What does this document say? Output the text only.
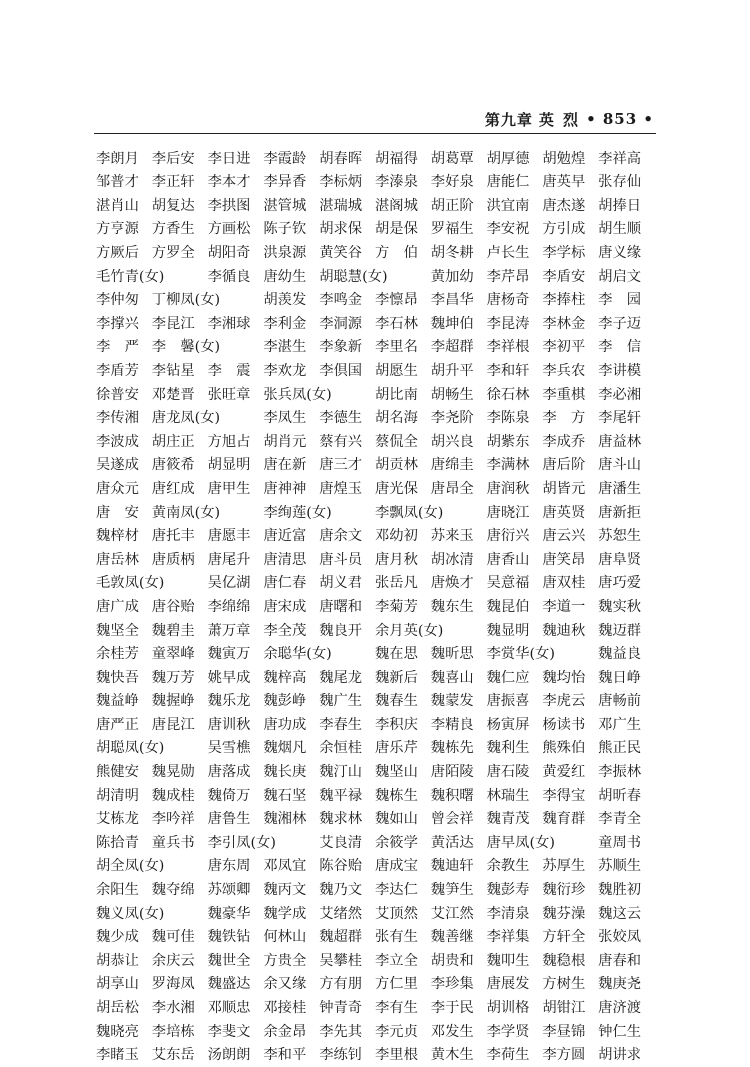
第九章 英 烈 • 853 •
李朗月 李后安 李日进 李霞龄 胡春晖 胡福得 胡葛覃 胡厚德 胡勉煌 李祥高
邹普才 李正轩 李本才 李异香 李标炳 李溙泉 李好泉 唐能仁 唐英早 张存仙
湛肖山 胡复达 李拱图 湛管城 湛瑞城 湛阁城 胡正阶 洪宜南 唐杰遂 胡捧日
方亨源 方香生 方画松 陈子钦 胡求保 胡是保 罗福生 李安祝 方引成 胡生顺
方厥后 方罗全 胡阳奇 洪泉源 黄笑谷 方　伯 胡冬耕 卢长生 李学标 唐义缘
毛竹青(女)	李循良 唐幼生 胡聪慧(女)	黄加幼 李芹昂 李盾安 胡启文
李仲匆 丁柳凤(女)	胡羡发 李鸣金 李懔昂 李昌华 唐杨奇 李捧柱 李　园
李撑兴 李昆江 李湘球 李利金 李洞源 李石林 魏坤伯 李昆涛 李林金 李子迈
李　严 李　馨(女)	李湛生 李象新 李里名 李超群 李祥根 李初平 李　信
李盾芳 李钻星 李　震 李欢龙 李倶国 胡愿生 胡升平 李和轩 李兵农 李讲模
徐普安 邓楚晋 张旺章 张兵凤(女)	胡比南 胡畅生 徐石林 李重棋 李必湘
李传湘 唐龙凤(女)	李凤生 李德生 胡名海 李尧阶 李陈泉 李　方 李尾轩
李波成 胡庄正 方旭占 胡肖元 蔡有兴 蔡侃全 胡兴良 胡紫东 李成乔 唐益林
吴遂成 唐筱希 胡显明 唐在新 唐三才 胡贡林 唐绵圭 李满林 唐后阶 唐斗山
唐众元 唐红成 唐甲生 唐神神 唐煌玉 唐光保 唐昂全 唐润秋 胡皆元 唐潘生
唐　安 黄南凤(女)	李绚莲(女)	李飘凤(女)	唐晓江 唐英贤 唐新拒
魏梓材 唐托丰 唐愿丰 唐近富 唐余文 邓幼初 苏来玉 唐衍兴 唐云兴 苏恕生
唐岳林 唐质柄 唐尾升 唐清思 唐斗员 唐月秋 胡冰清 唐香山 唐笑昂 唐阜贤
毛敦凤(女)	吴亿湖 唐仁春 胡义君 张岳凡 唐焕才 吴意福 唐双桂 唐巧爱
唐广成 唐谷贻 李绵绵 唐宋成 唐曙和 李菊芳 魏东生 魏昆伯 李道一 魏实秋
魏坚全 魏碧圭 萧万章 李全茂 魏良开 余月英(女)	魏显明 魏迪秋 魏迈群
余桂芳 童翠峰 魏寅万 余聪华(女)	魏在思 魏昕思 李赏华(女)	魏益良
魏快吾 魏万芳 姚早成 魏梓高 魏尾龙 魏新后 魏喜山 魏仁应 魏均怡 魏日峥
魏益峥 魏握峥 魏乐龙 魏彭峥 魏广生 魏春生 魏蒙发 唐振喜 李虎云 唐畅前
唐严正 唐昆江 唐训秋 唐功成 李春生 李积庆 李精良 杨寅屏 杨读书 邓广生
胡聪凤(女)	吴雪樵 魏烟凡 余恒桂 唐乐芹 魏栋先 魏利生 熊殊伯 熊正民
熊健安 魏晃勋 唐落成 魏长庚 魏汀山 魏坚山 唐陌陵 唐石陵 黄爱红 李振林
胡清明 魏成桂 魏倚万 魏石坚 魏平禄 魏栋生 魏积曙 林瑞生 李得宝 胡昕春
艾栋龙 李吟祥 唐鲁生 魏湘林 魏求林 魏如山 曾会祥 魏青茂 魏育群 李青全
陈拾青 童兵书 李引凤(女)	艾良清 余筱学 黄活达 唐早凤(女)	童周书
胡全凤(女)	唐东周 邓凤宜 陈谷贻 唐成宝 魏迪轩 余教生 苏厚生 苏顺生
余阳生 魏夺绵 苏颂卿 魏丙文 魏乃文 李达仁 魏笋生 魏彭寿 魏衍珍 魏胜初
魏义凤(女)	魏豪华 魏学成 艾绪然 艾顶然 艾江然 李清泉 魏芬澡 魏这云
魏少成 魏可佳 魏铁钻 何林山 魏超群 张有生 魏善继 李祥集 方轩全 张姣凤
胡恭让 余庆云 魏世全 方贵全 吴攀桂 李立全 胡贵和 魏叩生 魏稳根 唐春和
胡享山 罗海凤 魏盛达 余又缘 方有朋 方仁里 李珍集 唐展发 方树生 魏庚尧
胡岳松 李水湘 邓顺忠 邓接桂 钟青奇 李有生 李于民 胡训格 胡钳江 唐济渡
魏晓亮 李培栋 李斐文 余金昂 李先其 李元贞 邓发生 李学贤 李昼锦 钟仁生
李睹玉 艾东岳 汤朗朗 李和平 李练钊 李里根 黄木生 李荷生 李方圆 胡讲求
